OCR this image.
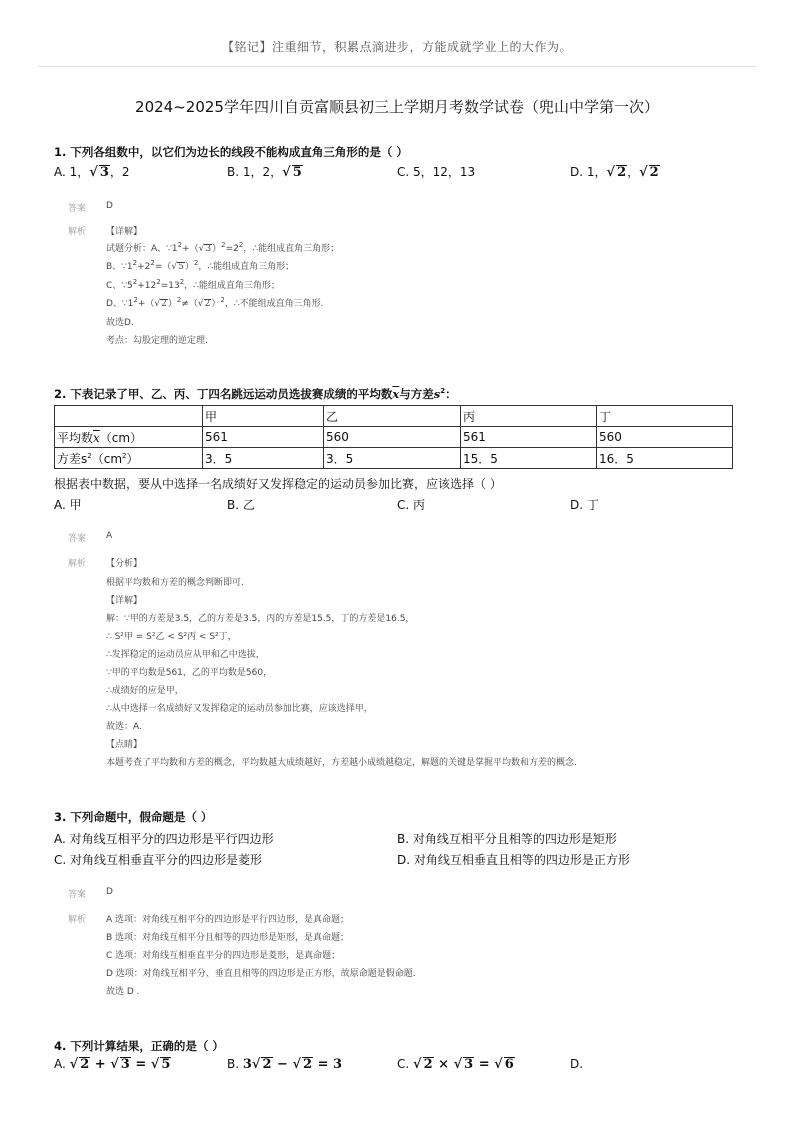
【铭记】注重细节，积累点滴进步，方能成就学业上的大作为。
2024~2025学年四川自贡富顺县初三上学期月考数学试卷（兜山中学第一次）
1. 下列各组数中，以它们为边长的线段不能构成直角三角形的是（ ）
A. 1，√ 3，2	B. 1，2，√ 5	C. 5，12，13	D. 1，√ 2，√ 2
答案 D
解析 【详解】
试题分析：A、$\because 1^2+(√3)^2=2^2$，∴能组成直角三角形；
B、$\because 1^2+2^2=(√5)^2$，∴能组成直角三角形；
C、$\because 5^2+12^2=13^2$，∴能组成直角三角形；
D、$\because 1^2+(√2)^2\ne(√2)^2$，∴不能组成直角三角形.
故选D.
考点：勾股定理的逆定理.
2. 下表记录了甲、乙、丙、丁四名跳远运动员选拔赛成绩的平均数$\overline{x}$与方差$s^2$：
	甲	乙	丙	丁
平均数$\overline{x}(cm)$	561	560	561	560
方差$s^2(cm^2)$	3．5	3．5	15．5	16．5
根据表中数据，要从中选择一名成绩好又发挥稳定的运动员参加比赛，应该选择（ ）
A. 甲	B. 乙	C. 丙	D. 丁
答案 A
解析 【分析】
根据平均数和方差的概念判断即可.
【详解】
解：∵甲的方差是3.5，乙的方差是3.5，丙的方差是15.5，丁的方差是16.5，
∴ S²甲 = S²乙 < S²丙 < S²丁，
∴发挥稳定的运动员应从甲和乙中选拔，
∵甲的平均数是561，乙的平均数是560，
∴成绩好的应是甲，
∴从中选择一名成绩好又发挥稳定的运动员参加比赛，应该选择甲，
故选：A.
【点睛】
本题考查了平均数和方差的概念，平均数越大成绩越好，方差越小成绩越稳定，解题的关键是掌握平均数和方差的概念.
3. 下列命题中，假命题是（ ）
A. 对角线互相平分的四边形是平行四边形	B. 对角线互相平分且相等的四边形是矩形
C. 对角线互相垂直平分的四边形是菱形	D. 对角线互相垂直且相等的四边形是正方形
答案 D
解析 A 选项：对角线互相平分的四边形是平行四边形，是真命题；
B 选项：对角线互相平分且相等的四边形是矩形，是真命题；
C 选项：对角线互相垂直平分的四边形是菱形，是真命题；
D 选项：对角线互相平分、垂直且相等的四边形是正方形，故原命题是假命题.
故选 D .
4. 下列计算结果，正确的是（ ）
A. √ 2 + √ 3 = √ 5	B. 3√ 2 − √ 2 = 3	C. √ 2 × √ 3 = √ 6	D.
